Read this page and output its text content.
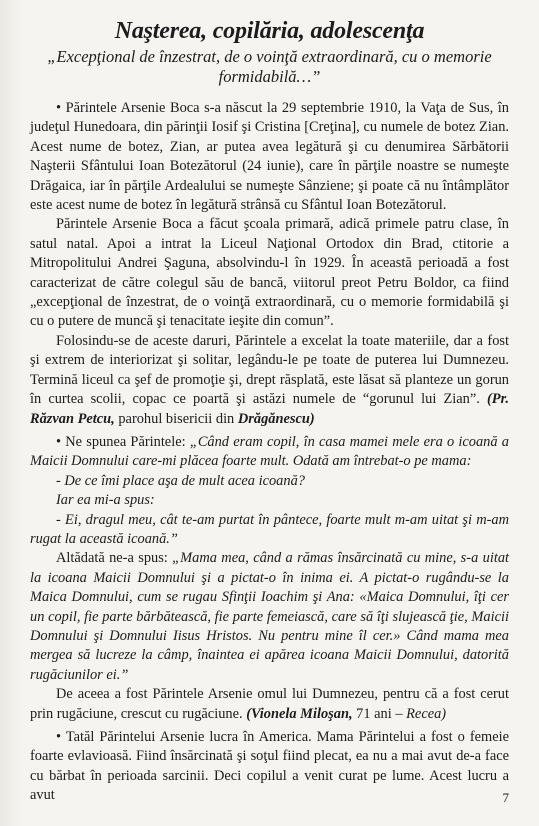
Naşterea, copilăria, adolescenţa
„Excepţional de înzestrat, de o voinţă extraordinară, cu o memorie formidabilă…”

• Părintele Arsenie Boca s-a născut la 29 septembrie 1910, la Vaţa de Sus, în judeţul Hunedoara, din părinţii Iosif şi Cristina [Creţina], cu numele de botez Zian. Acest nume de botez, Zian, ar putea avea legătură şi cu denumirea Sărbătorii Naşterii Sfântului Ioan Botezătorul (24 iunie), care în părţile noastre se numeşte Drăgaica, iar în părţile Ardealului se numeşte Sânziene; şi poate că nu întâmplător este acest nume de botez în legătură strânsă cu Sfântul Ioan Botezătorul.

Părintele Arsenie Boca a făcut şcoala primară, adică primele patru clase, în satul natal. Apoi a intrat la Liceul Naţional Ortodox din Brad, ctitorie a Mitropolitului Andrei Şaguna, absolvindu-l în 1929. În această perioadă a fost caracterizat de către colegul său de bancă, viitorul preot Petru Boldor, ca fiind „excepţional de înzestrat, de o voinţă extraordinară, cu o memorie formidabilă şi cu o putere de muncă şi tenacitate ieşite din comun”.

Folosindu-se de aceste daruri, Părintele a excelat la toate materiile, dar a fost şi extrem de interiorizat şi solitar, legându-le pe toate de puterea lui Dumnezeu. Termină liceul ca şef de promoţie şi, drept răsplată, este lăsat să planteze un gorun în curtea scolii, copac ce poartă şi astăzi numele de “gorunul lui Zian”. (Pr. Răzvan Petcu, parohul bisericii din Drăgănescu)

• Ne spunea Părintele: „Când eram copil, în casa mamei mele era o icoană a Maicii Domnului care-mi plăcea foarte mult. Odată am întrebat-o pe mama:

- De ce îmi place aşa de mult acea icoană?

Iar ea mi-a spus:

- Ei, dragul meu, cât te-am purtat în pântece, foarte mult m-am uitat şi m-am rugat la această icoană.”

Altădată ne-a spus: „Mama mea, când a rămas însărcinată cu mine, s-a uitat la icoana Maicii Domnului şi a pictat-o în inima ei. A pictat-o rugându-se la Maica Domnului, cum se rugau Sfinţii Ioachim şi Ana: «Maica Domnului, îţi cer un copil, fie parte bărbătească, fie parte femeiască, care să îţi slujească ţie, Maicii Domnului şi Domnului Iisus Hristos. Nu pentru mine îl cer.» Când mama mea mergea să lucreze la câmp, înaintea ei apărea icoana Maicii Domnului, datorită rugăciunilor ei.”

De aceea a fost Părintele Arsenie omul lui Dumnezeu, pentru că a fost cerut prin rugăciune, crescut cu rugăciune. (Vionela Miloşan, 71 ani – Recea)

• Tatăl Părintelui Arsenie lucra în America. Mama Părintelui a fost o femeie foarte evlavioasă. Fiind însărcinată şi soţul fiind plecat, ea nu a mai avut de-a face cu bărbat în perioada sarcinii. Deci copilul a venit curat pe lume. Acest lucru a avut	7
